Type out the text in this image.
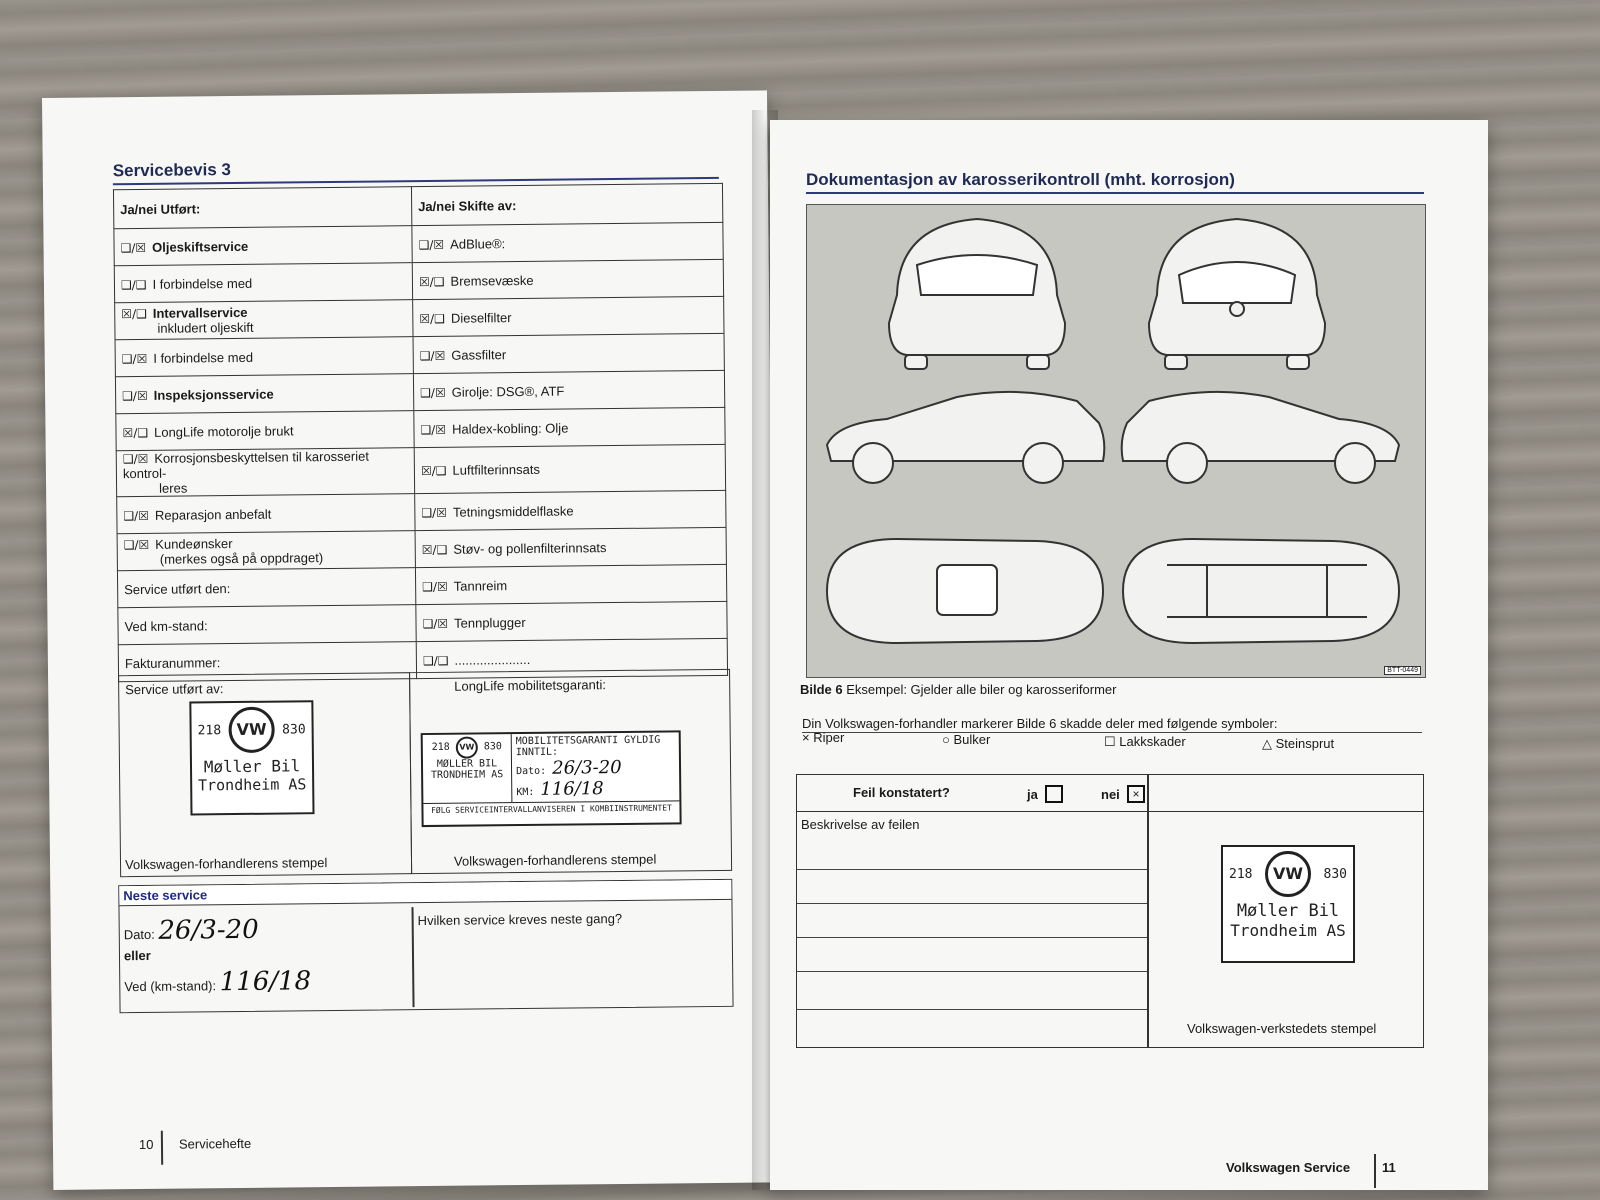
Servicebevis 3
Ja/nei Utført:	Ja/nei Skifte av:
❑/☒ Oljeskiftservice	❑/☒ AdBlue®:
❑/❑ I forbindelse med	☒/❑ Bremsevæske
☒/❑ Intervallservice
inkludert oljeskift	☒/❑ Dieselfilter
❑/☒ I forbindelse med	❑/☒ Gassfilter
❑/☒ Inspeksjonsservice	❑/☒ Girolje: DSG®, ATF
☒/❑ LongLife motorolje brukt	❑/☒ Haldex-kobling: Olje
❑/☒ Korrosjonsbeskyttelsen til karosseriet kontrol-
leres	☒/❑ Luftfilterinnsats
❑/☒ Reparasjon anbefalt	❑/☒ Tetningsmiddelflaske
❑/☒ Kundeønsker
(merkes også på oppdraget)	☒/❑ Støv- og pollenfilterinnsats
Service utført den:	❑/☒ Tannreim
Ved km-stand:	❑/☒ Tennplugger
Fakturanummer:	❑/❑ .....................
Service utført av:
218 VW	830
Møller Bil
Trondheim AS
Volkswagen-forhandlerens stempel
LongLife mobilitetsgaranti:
218 VW 830
MØLLER BIL
TRONDHEIM AS
MOBILITETSGARANTI GYLDIG INNTIL:
Dato: 26/3-20
KM: 116/18
FØLG SERVICEINTERVALLANVISEREN I KOMBIINSTRUMENTET
Volkswagen-forhandlerens stempel
Neste service
Dato: 26/3-20
eller
Ved (km-stand): 116/18
Hvilken service kreves neste gang?
10 Servicehefte
Dokumentasjon av karosserikontroll (mht. korrosjon)
BTT-0449
Bilde 6 Eksempel: Gjelder alle biler og karosseriformer
Din Volkswagen-forhandler markerer Bilde 6 skadde deler med følgende symboler:
× Riper	○ Bulker	☐ Lakkskader	△ Steinsprut
Feil konstatert?	ja	nei	×
Beskrivelse av feilen
218	VW	830
Møller Bil
Trondheim AS
Volkswagen-verkstedets stempel
Volkswagen Service 11
